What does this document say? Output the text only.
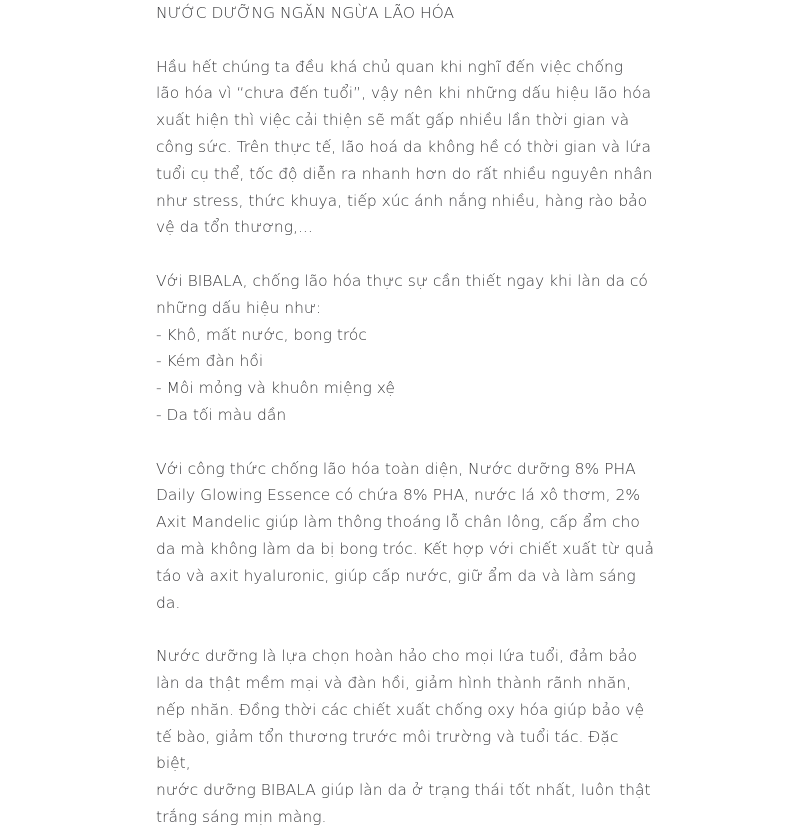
NƯỚC DƯỠNG NGĂN NGỪA LÃO HÓA

Hầu hết chúng ta đều khá chủ quan khi nghĩ đến việc chống
lão hóa vì “chưa đến tuổi”, vậy nên khi những dấu hiệu lão hóa
xuất hiện thì việc cải thiện sẽ mất gấp nhiều lần thời gian và
công sức. Trên thực tế, lão hoá da không hề có thời gian và lứa
tuổi cụ thể, tốc độ diễn ra nhanh hơn do rất nhiều nguyên nhân
như stress, thức khuya, tiếp xúc ánh nắng nhiều, hàng rào bảo
vệ da tổn thương,...

Với BIBALA, chống lão hóa thực sự cần thiết ngay khi làn da có
những dấu hiệu như:

- Khô, mất nước, bong tróc
- Kém đàn hồi
- Môi mỏng và khuôn miệng xệ
- Da tối màu dần

Với công thức chống lão hóa toàn diện, Nước dưỡng 8% PHA
Daily Glowing Essence có chứa 8% PHA, nước lá xô thơm, 2%
Axit Mandelic giúp làm thông thoáng lỗ chân lông, cấp ẩm cho
da mà không làm da bị bong tróc. Kết hợp với chiết xuất từ quả
táo và axit hyaluronic, giúp cấp nước, giữ ẩm da và làm sáng da.

Nước dưỡng là lựa chọn hoàn hảo cho mọi lứa tuổi, đảm bảo
làn da thật mềm mại và đàn hồi, giảm hình thành rãnh nhăn,
nếp nhăn. Đồng thời các chiết xuất chống oxy hóa giúp bảo vệ
tế bào, giảm tổn thương trước môi trường và tuổi tác. Đặc biệt,
nước dưỡng BIBALA giúp làn da ở trạng thái tốt nhất, luôn thật
trắng sáng mịn màng.
